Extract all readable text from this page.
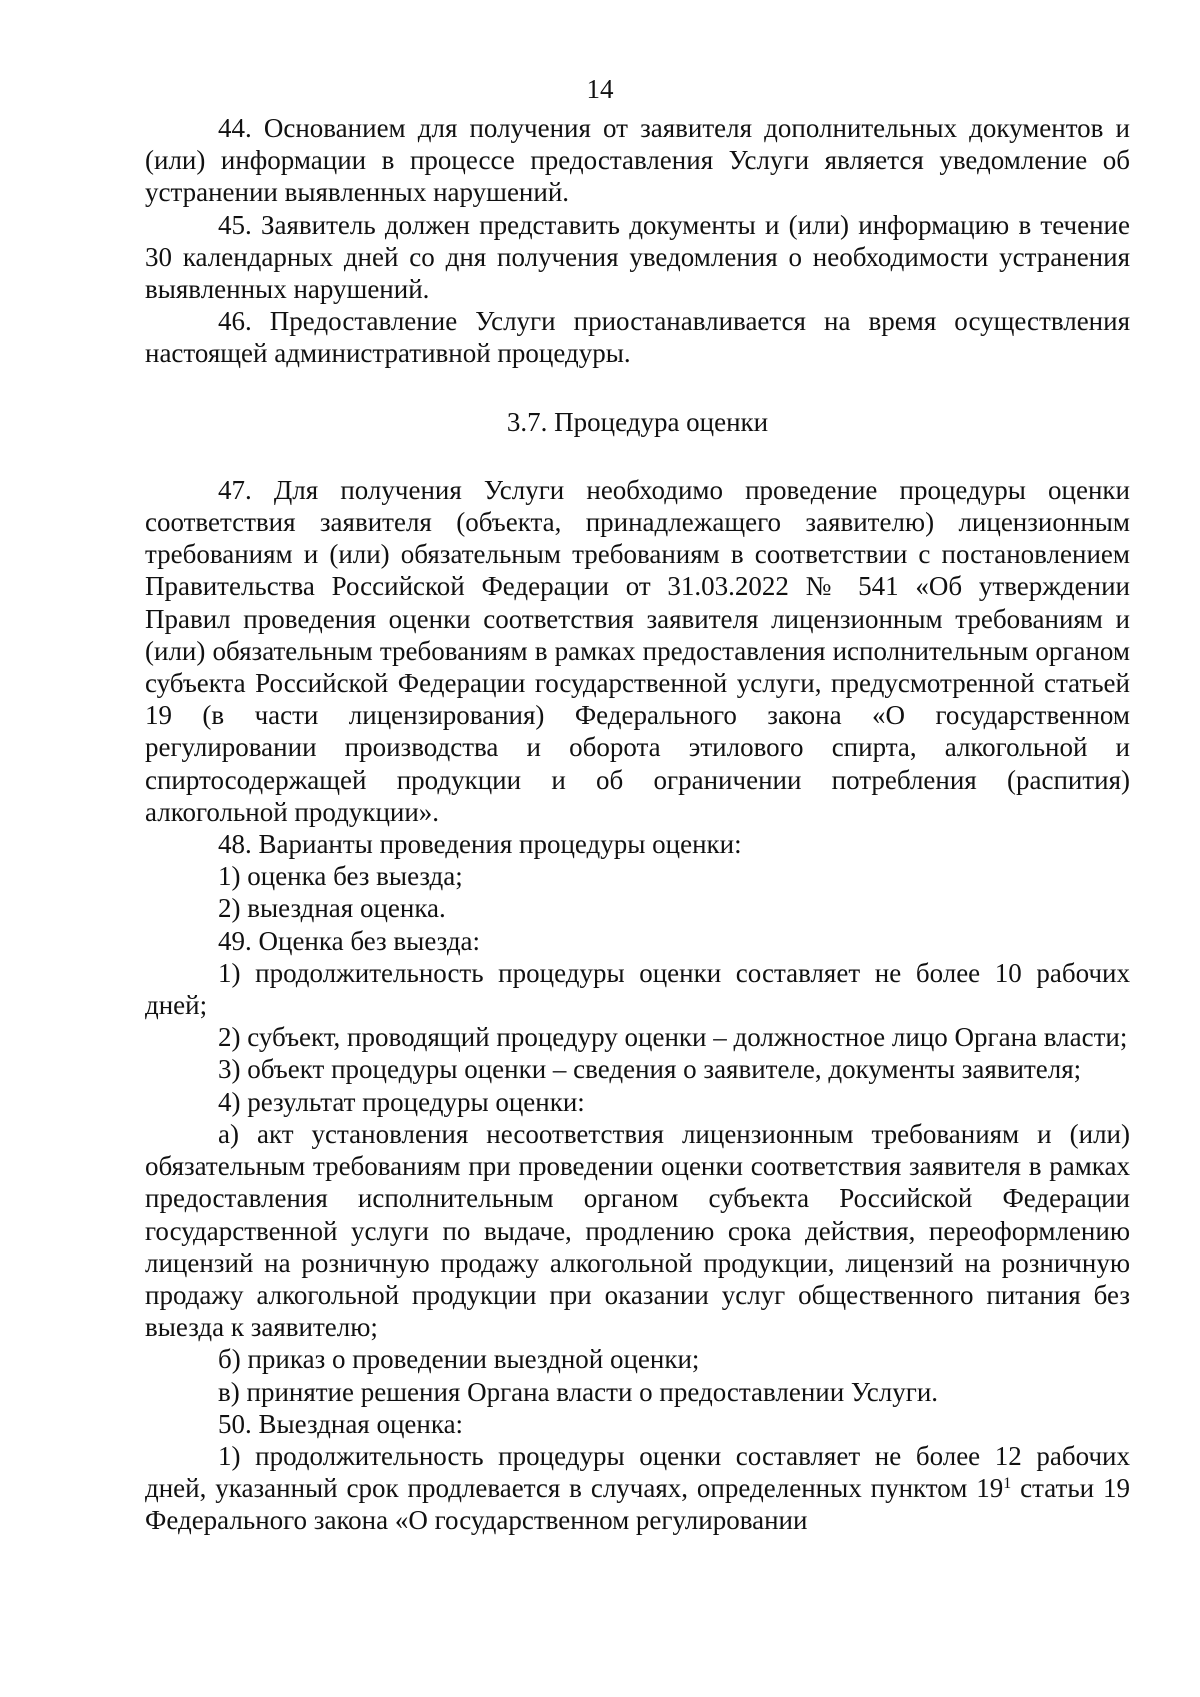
14

44. Основанием для получения от заявителя дополнительных документов и (или) информации в процессе предоставления Услуги является уведомление об устранении выявленных нарушений.

45. Заявитель должен представить документы и (или) информацию в течение 30 календарных дней со дня получения уведомления о необходимости устранения выявленных нарушений.

46. Предоставление Услуги приостанавливается на время осуществления настоящей административной процедуры.

3.7. Процедура оценки

47. Для получения Услуги необходимо проведение процедуры оценки соответствия заявителя (объекта, принадлежащего заявителю) лицензионным требованиям и (или) обязательным требованиям в соответствии с постановлением Правительства Российской Федерации от 31.03.2022 № 541 «Об утверждении Правил проведения оценки соответствия заявителя лицензионным требованиям и (или) обязательным требованиям в рамках предоставления исполнительным органом субъекта Российской Федерации государственной услуги, предусмотренной статьей 19 (в части лицензирования) Федерального закона «О государственном регулировании производства и оборота этилового спирта, алкогольной и спиртосодержащей продукции и об ограничении потребления (распития) алкогольной продукции».

48. Варианты проведения процедуры оценки:

1) оценка без выезда;

2) выездная оценка.

49. Оценка без выезда:

1) продолжительность процедуры оценки составляет не более 10 рабочих дней;

2) субъект, проводящий процедуру оценки – должностное лицо Органа власти;

3) объект процедуры оценки – сведения о заявителе, документы заявителя;

4) результат процедуры оценки:

а) акт установления несоответствия лицензионным требованиям и (или) обязательным требованиям при проведении оценки соответствия заявителя в рамках предоставления исполнительным органом субъекта Российской Федерации государственной услуги по выдаче, продлению срока действия, переоформлению лицензий на розничную продажу алкогольной продукции, лицензий на розничную продажу алкогольной продукции при оказании услуг общественного питания без выезда к заявителю;

б) приказ о проведении выездной оценки;

в) принятие решения Органа власти о предоставлении Услуги.

50. Выездная оценка:

1) продолжительность процедуры оценки составляет не более 12 рабочих дней, указанный срок продлевается в случаях, определенных пунктом $19^1$ статьи 19 Федерального закона «О государственном регулировании
